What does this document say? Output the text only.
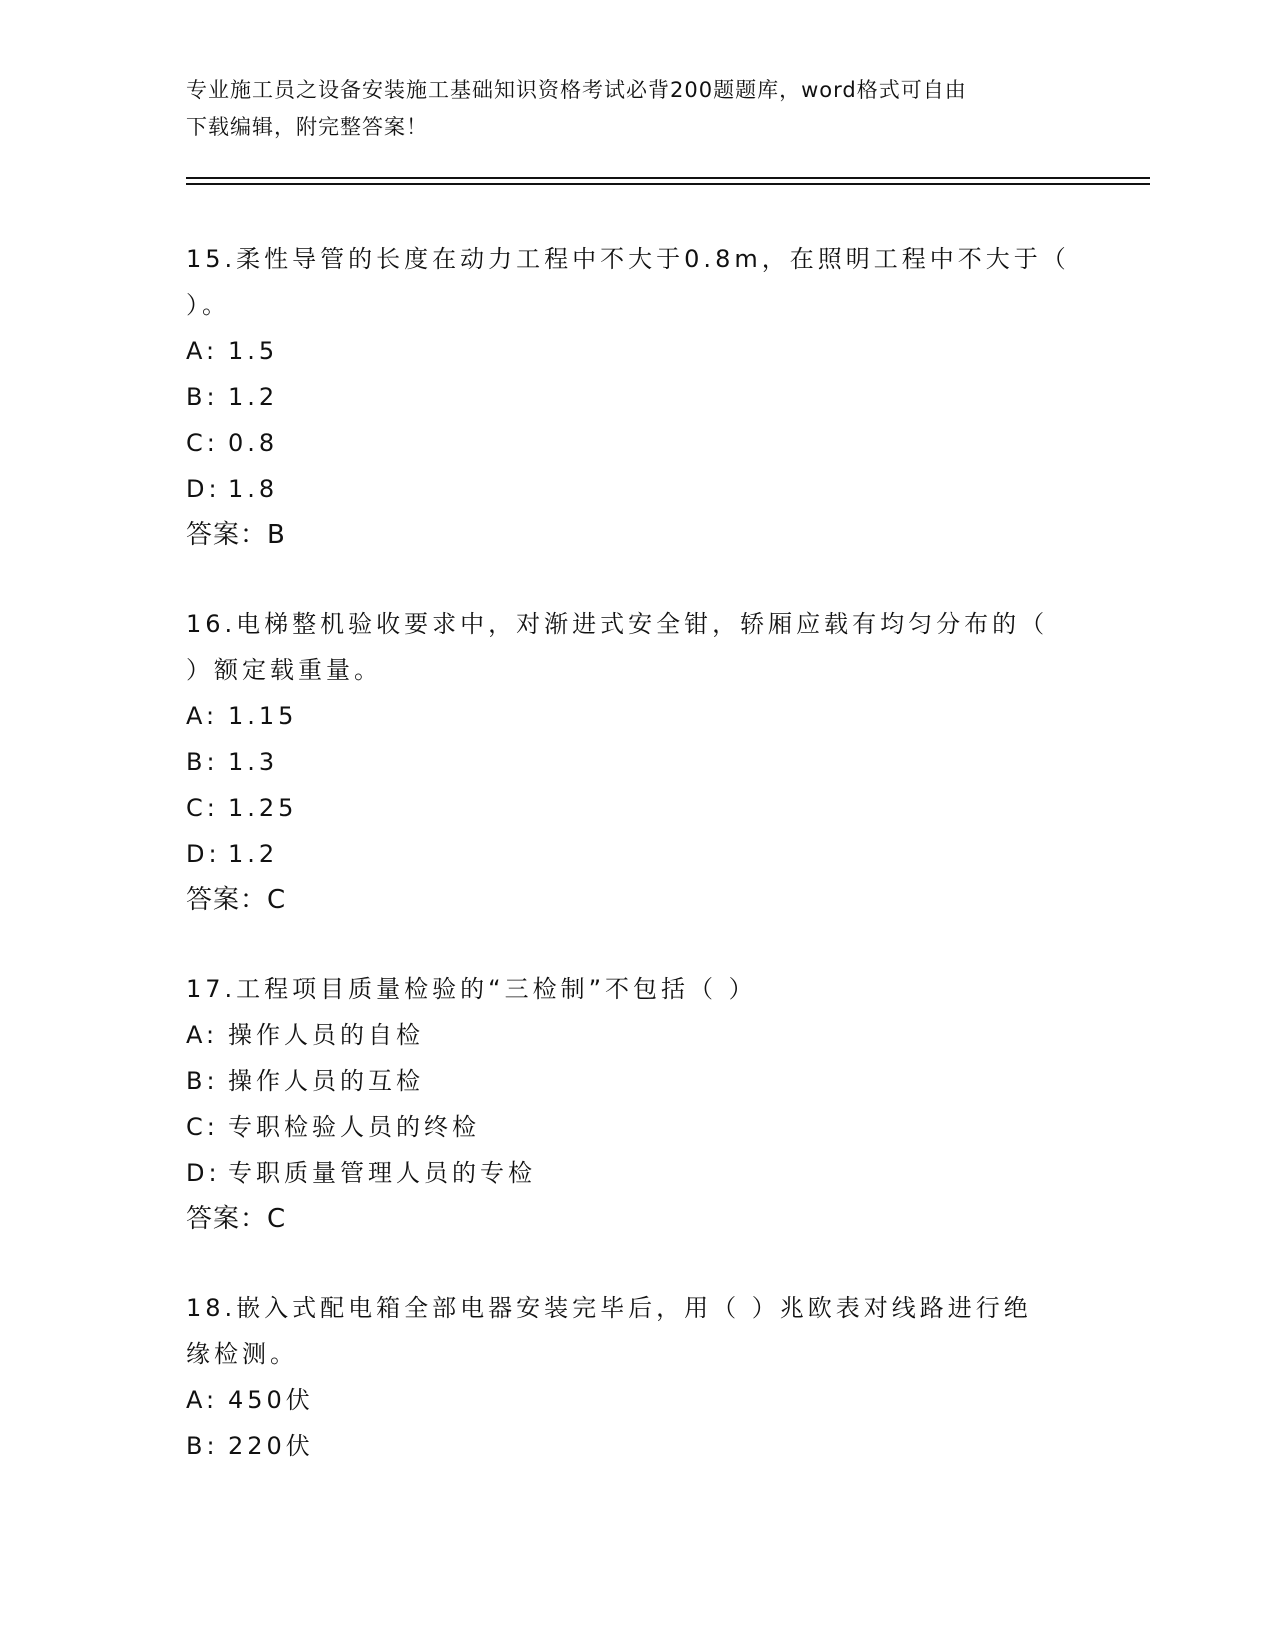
专业施工员之设备安装施工基础知识资格考试必背200题题库，word格式可自由
下载编辑，附完整答案！
15.柔性导管的长度在动力工程中不大于0.8m，在照明工程中不大于（
）。
A: 1.5
B: 1.2
C: 0.8
D: 1.8
答案：B
16.电梯整机验收要求中，对渐进式安全钳，轿厢应载有均匀分布的（
）额定载重量。
A: 1.15
B: 1.3
C: 1.25
D: 1.2
答案：C
17.工程项目质量检验的“三检制”不包括（ ）
A: 操作人员的自检
B: 操作人员的互检
C: 专职检验人员的终检
D: 专职质量管理人员的专检
答案：C
18.嵌入式配电箱全部电器安装完毕后，用（ ）兆欧表对线路进行绝
缘检测。
A: 450伏
B: 220伏
